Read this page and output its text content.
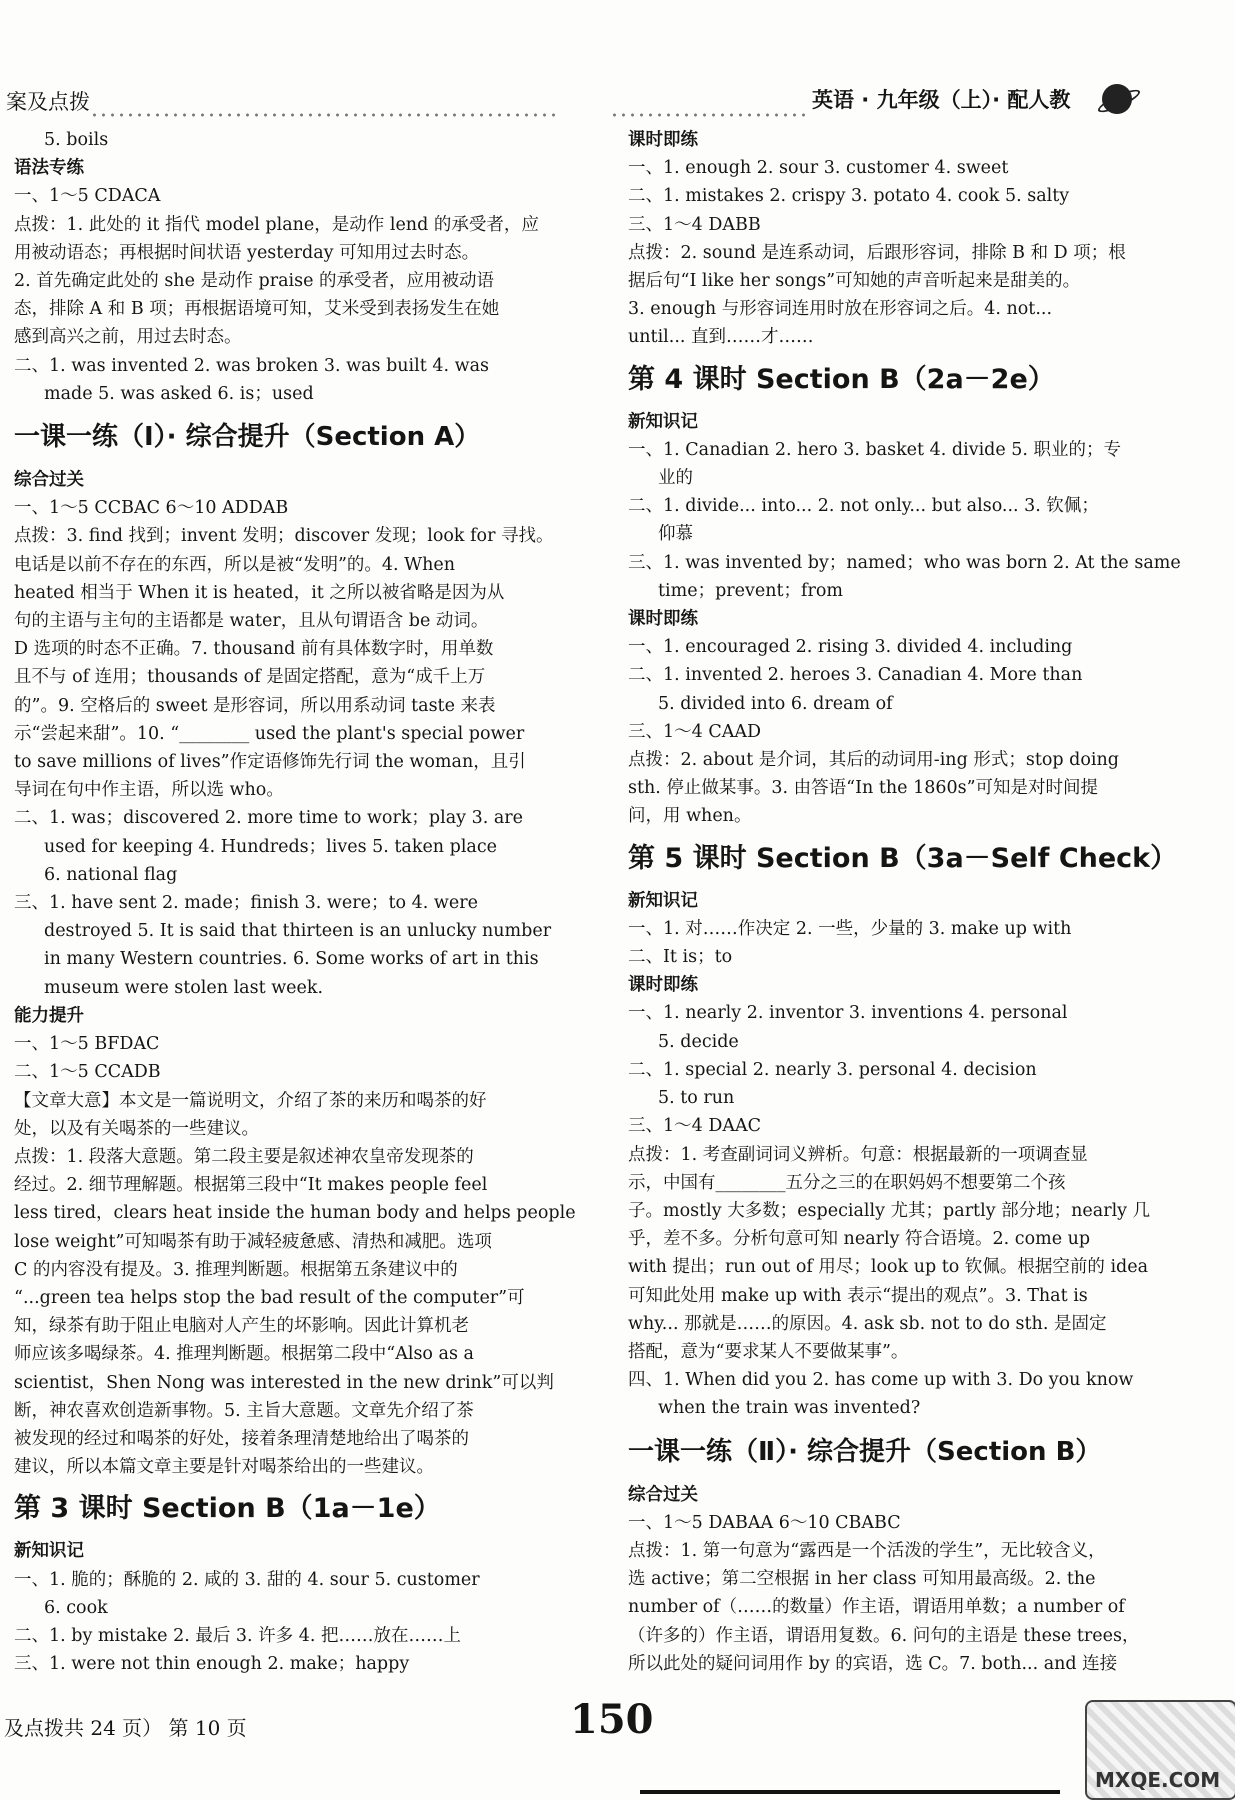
案及点拨	英语 · 九年级（上）· 配人教
5. boils
语法专练
一、1～5 CDACA
点拨：1. 此处的 it 指代 model plane，是动作 lend 的承受者，应
用被动语态；再根据时间状语 yesterday 可知用过去时态。
2. 首先确定此处的 she 是动作 praise 的承受者，应用被动语
态，排除 A 和 B 项；再根据语境可知，艾米受到表扬发生在她
感到高兴之前，用过去时态。
二、1. was invented 2. was broken 3. was built 4. was
made 5. was asked 6. is；used
一课一练（Ⅰ）· 综合提升（Section A）
综合过关
一、1～5 CCBAC 6～10 ADDAB
点拨：3. find 找到；invent 发明；discover 发现；look for 寻找。
电话是以前不存在的东西，所以是被“发明”的。4. When
heated 相当于 When it is heated，it 之所以被省略是因为从
句的主语与主句的主语都是 water，且从句谓语含 be 动词。
D 选项的时态不正确。7. thousand 前有具体数字时，用单数
且不与 of 连用；thousands of 是固定搭配，意为“成千上万
的”。9. 空格后的 sweet 是形容词，所以用系动词 taste 来表
示“尝起来甜”。10. “________ used the plant's special power
to save millions of lives”作定语修饰先行词 the woman，且引
导词在句中作主语，所以选 who。
二、1. was；discovered 2. more time to work；play 3. are
used for keeping 4. Hundreds；lives 5. taken place
6. national flag
三、1. have sent 2. made；finish 3. were；to 4. were
destroyed 5. It is said that thirteen is an unlucky number
in many Western countries. 6. Some works of art in this
museum were stolen last week.
能力提升
一、1～5 BFDAC
二、1～5 CCADB
【文章大意】本文是一篇说明文，介绍了茶的来历和喝茶的好
处，以及有关喝茶的一些建议。
点拨：1. 段落大意题。第二段主要是叙述神农皇帝发现茶的
经过。2. 细节理解题。根据第三段中“It makes people feel
less tired，clears heat inside the human body and helps people
lose weight”可知喝茶有助于减轻疲惫感、清热和减肥。选项
C 的内容没有提及。3. 推理判断题。根据第五条建议中的
“...green tea helps stop the bad result of the computer”可
知，绿茶有助于阻止电脑对人产生的坏影响。因此计算机老
师应该多喝绿茶。4. 推理判断题。根据第二段中“Also as a
scientist，Shen Nong was interested in the new drink”可以判
断，神农喜欢创造新事物。5. 主旨大意题。文章先介绍了茶
被发现的经过和喝茶的好处，接着条理清楚地给出了喝茶的
建议，所以本篇文章主要是针对喝茶给出的一些建议。
第 3 课时 Section B（1a－1e）
新知识记
一、1. 脆的；酥脆的 2. 咸的 3. 甜的 4. sour 5. customer
6. cook
二、1. by mistake 2. 最后 3. 许多 4. 把……放在……上
三、1. were not thin enough 2. make；happy
课时即练
一、1. enough 2. sour 3. customer 4. sweet
二、1. mistakes 2. crispy 3. potato 4. cook 5. salty
三、1～4 DABB
点拨：2. sound 是连系动词，后跟形容词，排除 B 和 D 项；根
据后句“I like her songs”可知她的声音听起来是甜美的。
3. enough 与形容词连用时放在形容词之后。4. not...
until... 直到……才……
第 4 课时 Section B（2a－2e）
新知识记
一、1. Canadian 2. hero 3. basket 4. divide 5. 职业的；专
业的
二、1. divide... into... 2. not only... but also... 3. 钦佩；
仰慕
三、1. was invented by；named；who was born 2. At the same
time；prevent；from
课时即练
一、1. encouraged 2. rising 3. divided 4. including
二、1. invented 2. heroes 3. Canadian 4. More than
5. divided into 6. dream of
三、1～4 CAAD
点拨：2. about 是介词，其后的动词用-ing 形式；stop doing
sth. 停止做某事。3. 由答语“In the 1860s”可知是对时间提
问，用 when。
第 5 课时 Section B（3a－Self Check）
新知识记
一、1. 对……作决定 2. 一些，少量的 3. make up with
二、It is；to
课时即练
一、1. nearly 2. inventor 3. inventions 4. personal
5. decide
二、1. special 2. nearly 3. personal 4. decision
5. to run
三、1～4 DAAC
点拨：1. 考查副词词义辨析。句意：根据最新的一项调查显
示，中国有________五分之三的在职妈妈不想要第二个孩
子。mostly 大多数；especially 尤其；partly 部分地；nearly 几
乎，差不多。分析句意可知 nearly 符合语境。2. come up
with 提出；run out of 用尽；look up to 钦佩。根据空前的 idea
可知此处用 make up with 表示“提出的观点”。3. That is
why... 那就是……的原因。4. ask sb. not to do sth. 是固定
搭配，意为“要求某人不要做某事”。
四、1. When did you 2. has come up with 3. Do you know
when the train was invented?
一课一练（Ⅱ）· 综合提升（Section B）
综合过关
一、1～5 DABAA 6～10 CBABC
点拨：1. 第一句意为“露西是一个活泼的学生”，无比较含义，
选 active；第二空根据 in her class 可知用最高级。2. the
number of（……的数量）作主语，谓语用单数；a number of
（许多的）作主语，谓语用复数。6. 问句的主语是 these trees，
所以此处的疑问词用作 by 的宾语，选 C。7. both... and 连接
及点拨共 24 页） 第 10 页	150
MXQE.COM
